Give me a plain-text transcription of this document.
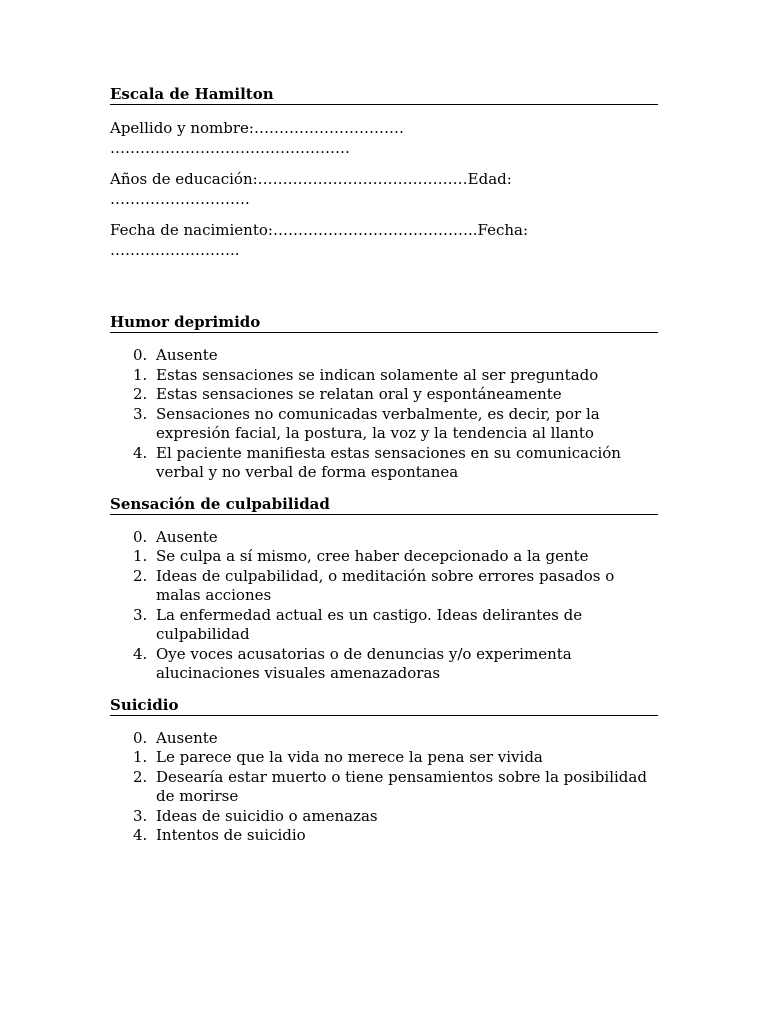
Escala de Hamilton
Apellido y nombre:…………………………
…………………………………………
Años de educación:……………………………………Edad:
……………………….
Fecha de nacimiento:…………………………………..Fecha:
……………………..
Humor deprimido
0. Ausente
1. Estas sensaciones se indican solamente al ser preguntado
2. Estas sensaciones se relatan oral y espontáneamente
3. Sensaciones no comunicadas verbalmente, es decir, por la expresión facial, la postura, la voz y la tendencia al llanto
4. El paciente manifiesta estas sensaciones en su comunicación verbal y no verbal de forma espontanea
Sensación de culpabilidad
0. Ausente
1. Se culpa a sí mismo, cree haber decepcionado a la gente
2. Ideas de culpabilidad, o meditación sobre errores pasados o malas acciones
3. La enfermedad actual es un castigo. Ideas delirantes de culpabilidad
4. Oye voces acusatorias o de denuncias y/o experimenta alucinaciones visuales amenazadoras
Suicidio
0. Ausente
1. Le parece que la vida no merece la pena ser vivida
2. Desearía estar muerto o tiene pensamientos sobre la posibilidad de morirse
3. Ideas de suicidio o amenazas
4. Intentos de suicidio
